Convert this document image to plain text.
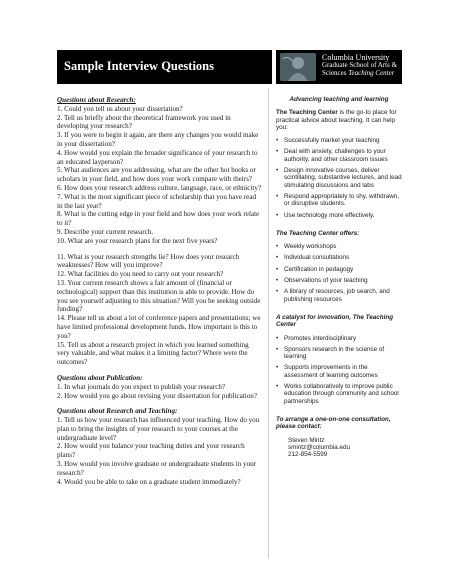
Sample Interview Questions
Columbia University
Graduate School of Arts &
Sciences Teaching Center
Questions about Research:
1. Could you tell us about your dissertation?
2. Tell us briefly about the theoretical framework you used in developing your research?
3. If you were to begin it again, are there any changes you would make in your dissertation?
4. How would you explain the broader significance of your research to an educated layperson?
5. What audiences are you addressing, what are the other hot books or scholars in your field, and how does your work compare with theirs?
6. How does your research address culture, language, race, or ethnicity?
7. What is the most significant piece of scholarship that you have read in the last year?
8. What is the cutting edge in your field and how does your work relate to it?
9. Describe your current research.
10. What are your research plans for the next five years?
11. What is your research strengths lie? How does your research weaknesses? How will you improve?
12. What facilities do you need to carry out your research?
13. Your current research shows a fair amount of (financial or technological) support than this institution is able to provide. How do you see yourself adjusting to this situation? Will you be seeking outside funding?
14. Please tell us about a lot of conference papers and presentations; we have limited professional development funds. How important is this to you?
15. Tell us about a research project in which you learned something very valuable, and what makes it a limiting factor? Where were the outcomes?
Questions about Publication:
1. In what journals do you expect to publish your research?
2. How would you go about revising your dissertation for publication?
Questions about Research and Teaching:
1. Tell us how your research has influenced your teaching. How do you plan to bring the insights of your research to your courses at the undergraduate level?
2. How would you balance your teaching duties and your research plans?
3. How would you involve graduate or undergraduate students in your research?
4. Would you be able to take on a graduate student immediately?
Advancing teaching and learning
The Teaching Center is the go-to place for practical advice about teaching. It can help you:
• Successfully market your teaching
• Deal with anxiety, challenges to your authority, and other classroom issues
• Design innovative courses, deliver scintillating, substantive lectures, and lead stimulating discussions and labs
• Respond appropriately to shy, withdrawn, or disruptive students.
• Use technology more effectively.
The Teaching Center offers:
• Weekly workshops
• Individual consultations
• Certification in pedagogy
• Observations of your teaching
• A library of resources, job search, and publishing resources
A catalyst for innovation, The Teaching Center
• Promotes interdisciplinary
• Sponsors research in the science of learning
• Supports improvements in the assessment of learning outcomes
• Works collaboratively to improve public education through community and school partnerships
To arrange a one-on-one consultation, please contact:
Steven Mintz
smintz@columbia.edu
212-854-5599
